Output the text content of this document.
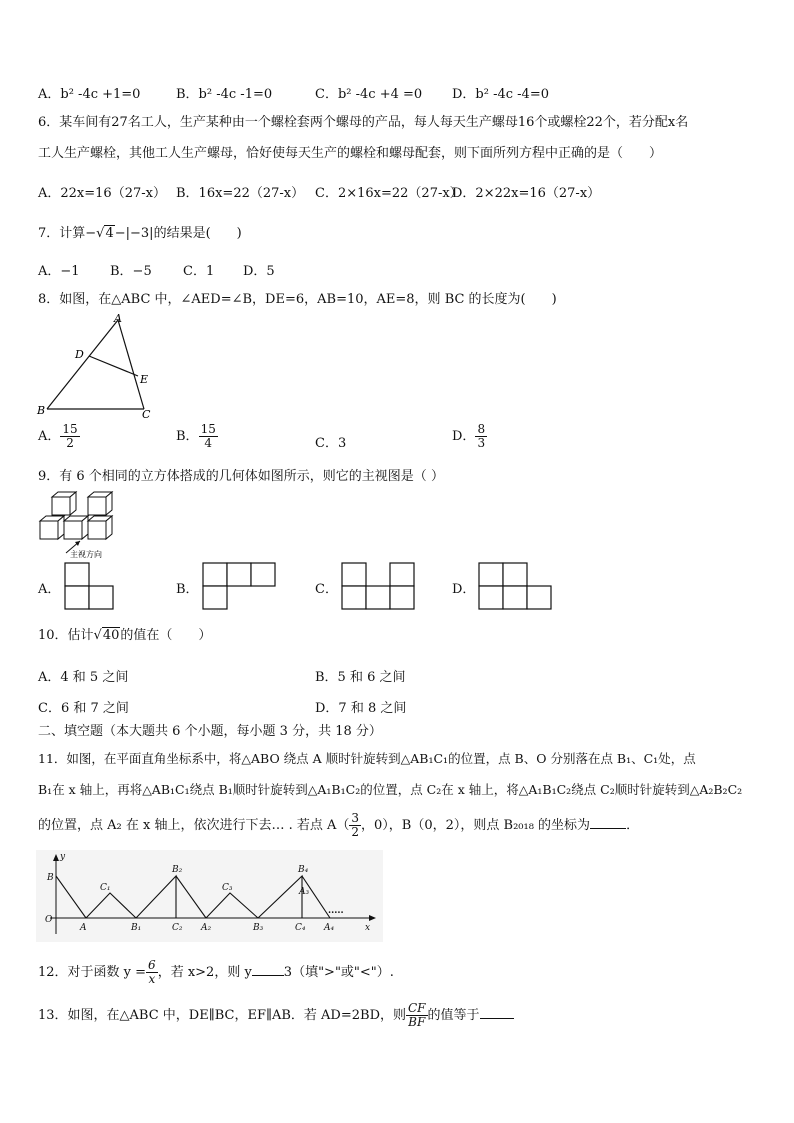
A．b² -4c +1=0	B．b² -4c -1=0	C．b² -4c +4 =0 D．b² -4c -4=0
6．某车间有27名工人，生产某种由一个螺栓套两个螺母的产品，每人每天生产螺母16个或螺栓22个，若分配x名
工人生产螺栓，其他工人生产螺母，恰好使每天生产的螺栓和螺母配套，则下面所列方程中正确的是（　　）
A．22x=16（27-x） B．16x=22（27-x） C．2×16x=22（27-x）
D．2×22x=16（27-x）
7．计算−√4−|−3|的结果是(　　)
A．−1 B．−5 C．1 D．5
8．如图，在△ABC 中，∠AED=∠B，DE=6，AB=10，AE=8，则 BC 的长度为(　　)
A
D
E
B	C
A． $\frac{15}{2}$	B． $\frac{15}{4}$	C．3	D． $\frac{8}{3}$
9．有 6 个相同的立方体搭成的几何体如图所示，则它的主视图是（ ）
主视方向
A．	B．	C．	D．
10．估计√40的值在（　　）
A．4 和 5 之间	B．5 和 6 之间
C．6 和 7 之间	D．7 和 8 之间
二、填空题（本大题共 6 个小题，每小题 3 分，共 18 分）
11．如图，在平面直角坐标系中，将△ABO 绕点 A 顺时针旋转到△AB₁C₁的位置，点 B、O 分别落在点 B₁、C₁处，点
B₁在 x 轴上，再将△AB₁C₁绕点 B₁顺时针旋转到△A₁B₁C₂的位置，点 C₂在 x 轴上，将△A₁B₁C₂绕点 C₂顺时针旋转到△A₂B₂C₂
的位置，点 A₂ 在 x 轴上，依次进行下去… . 若点 $A( \frac{3}{2}$ ，0），B（0，2），则点 B₂₀₁₈ 的坐标为	．
O
B
A
C₁
B₁
B₂
C₂ A₂
C₃
B₃
B₄
A₃
C₄ A₄
y
x
.....
12．对于函数 $y = \frac{6}{x}$ ，若 x>2，则 y 3（填">"或"<"）.
13．如图，在△ABC 中，DE∥BC，EF∥AB．若 AD=2BD，则 $\frac{CF}{BF}$ 的值等于
